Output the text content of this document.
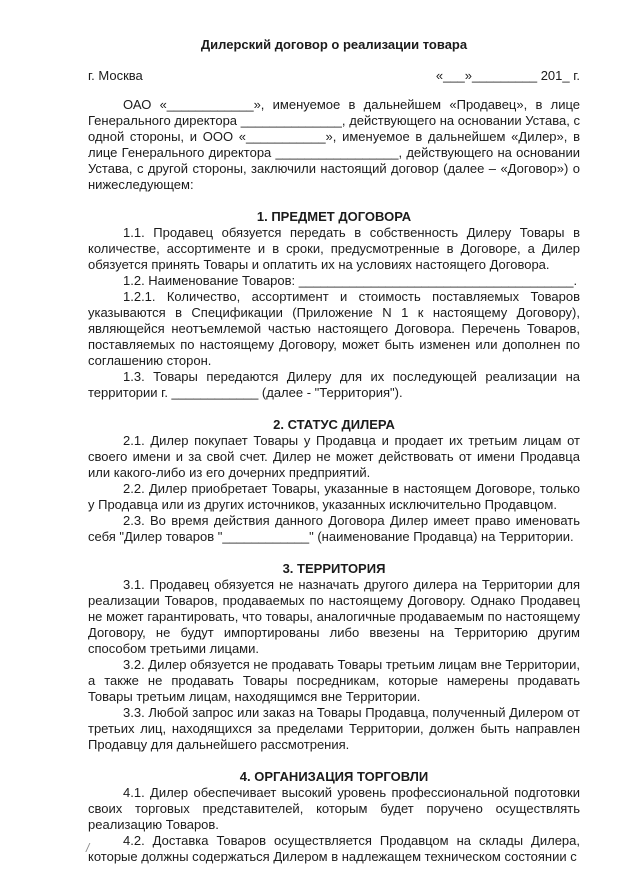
Дилерский договор о реализации товара
г. Москва	«___»_________ 201_ г.

ОАО «____________», именуемое в дальнейшем «Продавец», в лице Генерального директора ______________, действующего на основании Устава, с одной стороны, и ООО «___________», именуемое в дальнейшем «Дилер», в лице Генерального директора _________________, действующего на основании Устава, с другой стороны, заключили настоящий договор (далее – «Договор») о нижеследующем:

1. ПРЕДМЕТ ДОГОВОРА

1.1. Продавец обязуется передать в собственность Дилеру Товары в количестве, ассортименте и в сроки, предусмотренные в Договоре, а Дилер обязуется принять Товары и оплатить их на условиях настоящего Договора.

1.2. Наименование Товаров: ______________________________________.

1.2.1. Количество, ассортимент и стоимость поставляемых Товаров указываются в Спецификации (Приложение N 1 к настоящему Договору), являющейся неотъемлемой частью настоящего Договора. Перечень Товаров, поставляемых по настоящему Договору, может быть изменен или дополнен по соглашению сторон.

1.3. Товары передаются Дилеру для их последующей реализации на территории г. ____________ (далее - "Территория").

2. СТАТУС ДИЛЕРА

2.1. Дилер покупает Товары у Продавца и продает их третьим лицам от своего имени и за свой счет. Дилер не может действовать от имени Продавца или какого-либо из его дочерних предприятий.

2.2. Дилер приобретает Товары, указанные в настоящем Договоре, только у Продавца или из других источников, указанных исключительно Продавцом.

2.3. Во время действия данного Договора Дилер имеет право именовать себя "Дилер товаров "____________" (наименование Продавца) на Территории.

3. ТЕРРИТОРИЯ

3.1. Продавец обязуется не назначать другого дилера на Территории для реализации Товаров, продаваемых по настоящему Договору. Однако Продавец не может гарантировать, что товары, аналогичные продаваемым по настоящему Договору, не будут импортированы либо ввезены на Территорию другим способом третьими лицами.

3.2. Дилер обязуется не продавать Товары третьим лицам вне Территории, а также не продавать Товары посредникам, которые намерены продавать Товары третьим лицам, находящимся вне Территории.

3.3. Любой запрос или заказ на Товары Продавца, полученный Дилером от третьих лиц, находящихся за пределами Территории, должен быть направлен Продавцу для дальнейшего рассмотрения.

4. ОРГАНИЗАЦИЯ ТОРГОВЛИ

4.1. Дилер обеспечивает высокий уровень профессиональной подготовки своих торговых представителей, которым будет поручено осуществлять реализацию Товаров.

4.2. Доставка Товаров осуществляется Продавцом на склады Дилера, которые должны содержаться Дилером в надлежащем техническом состоянии с

/
